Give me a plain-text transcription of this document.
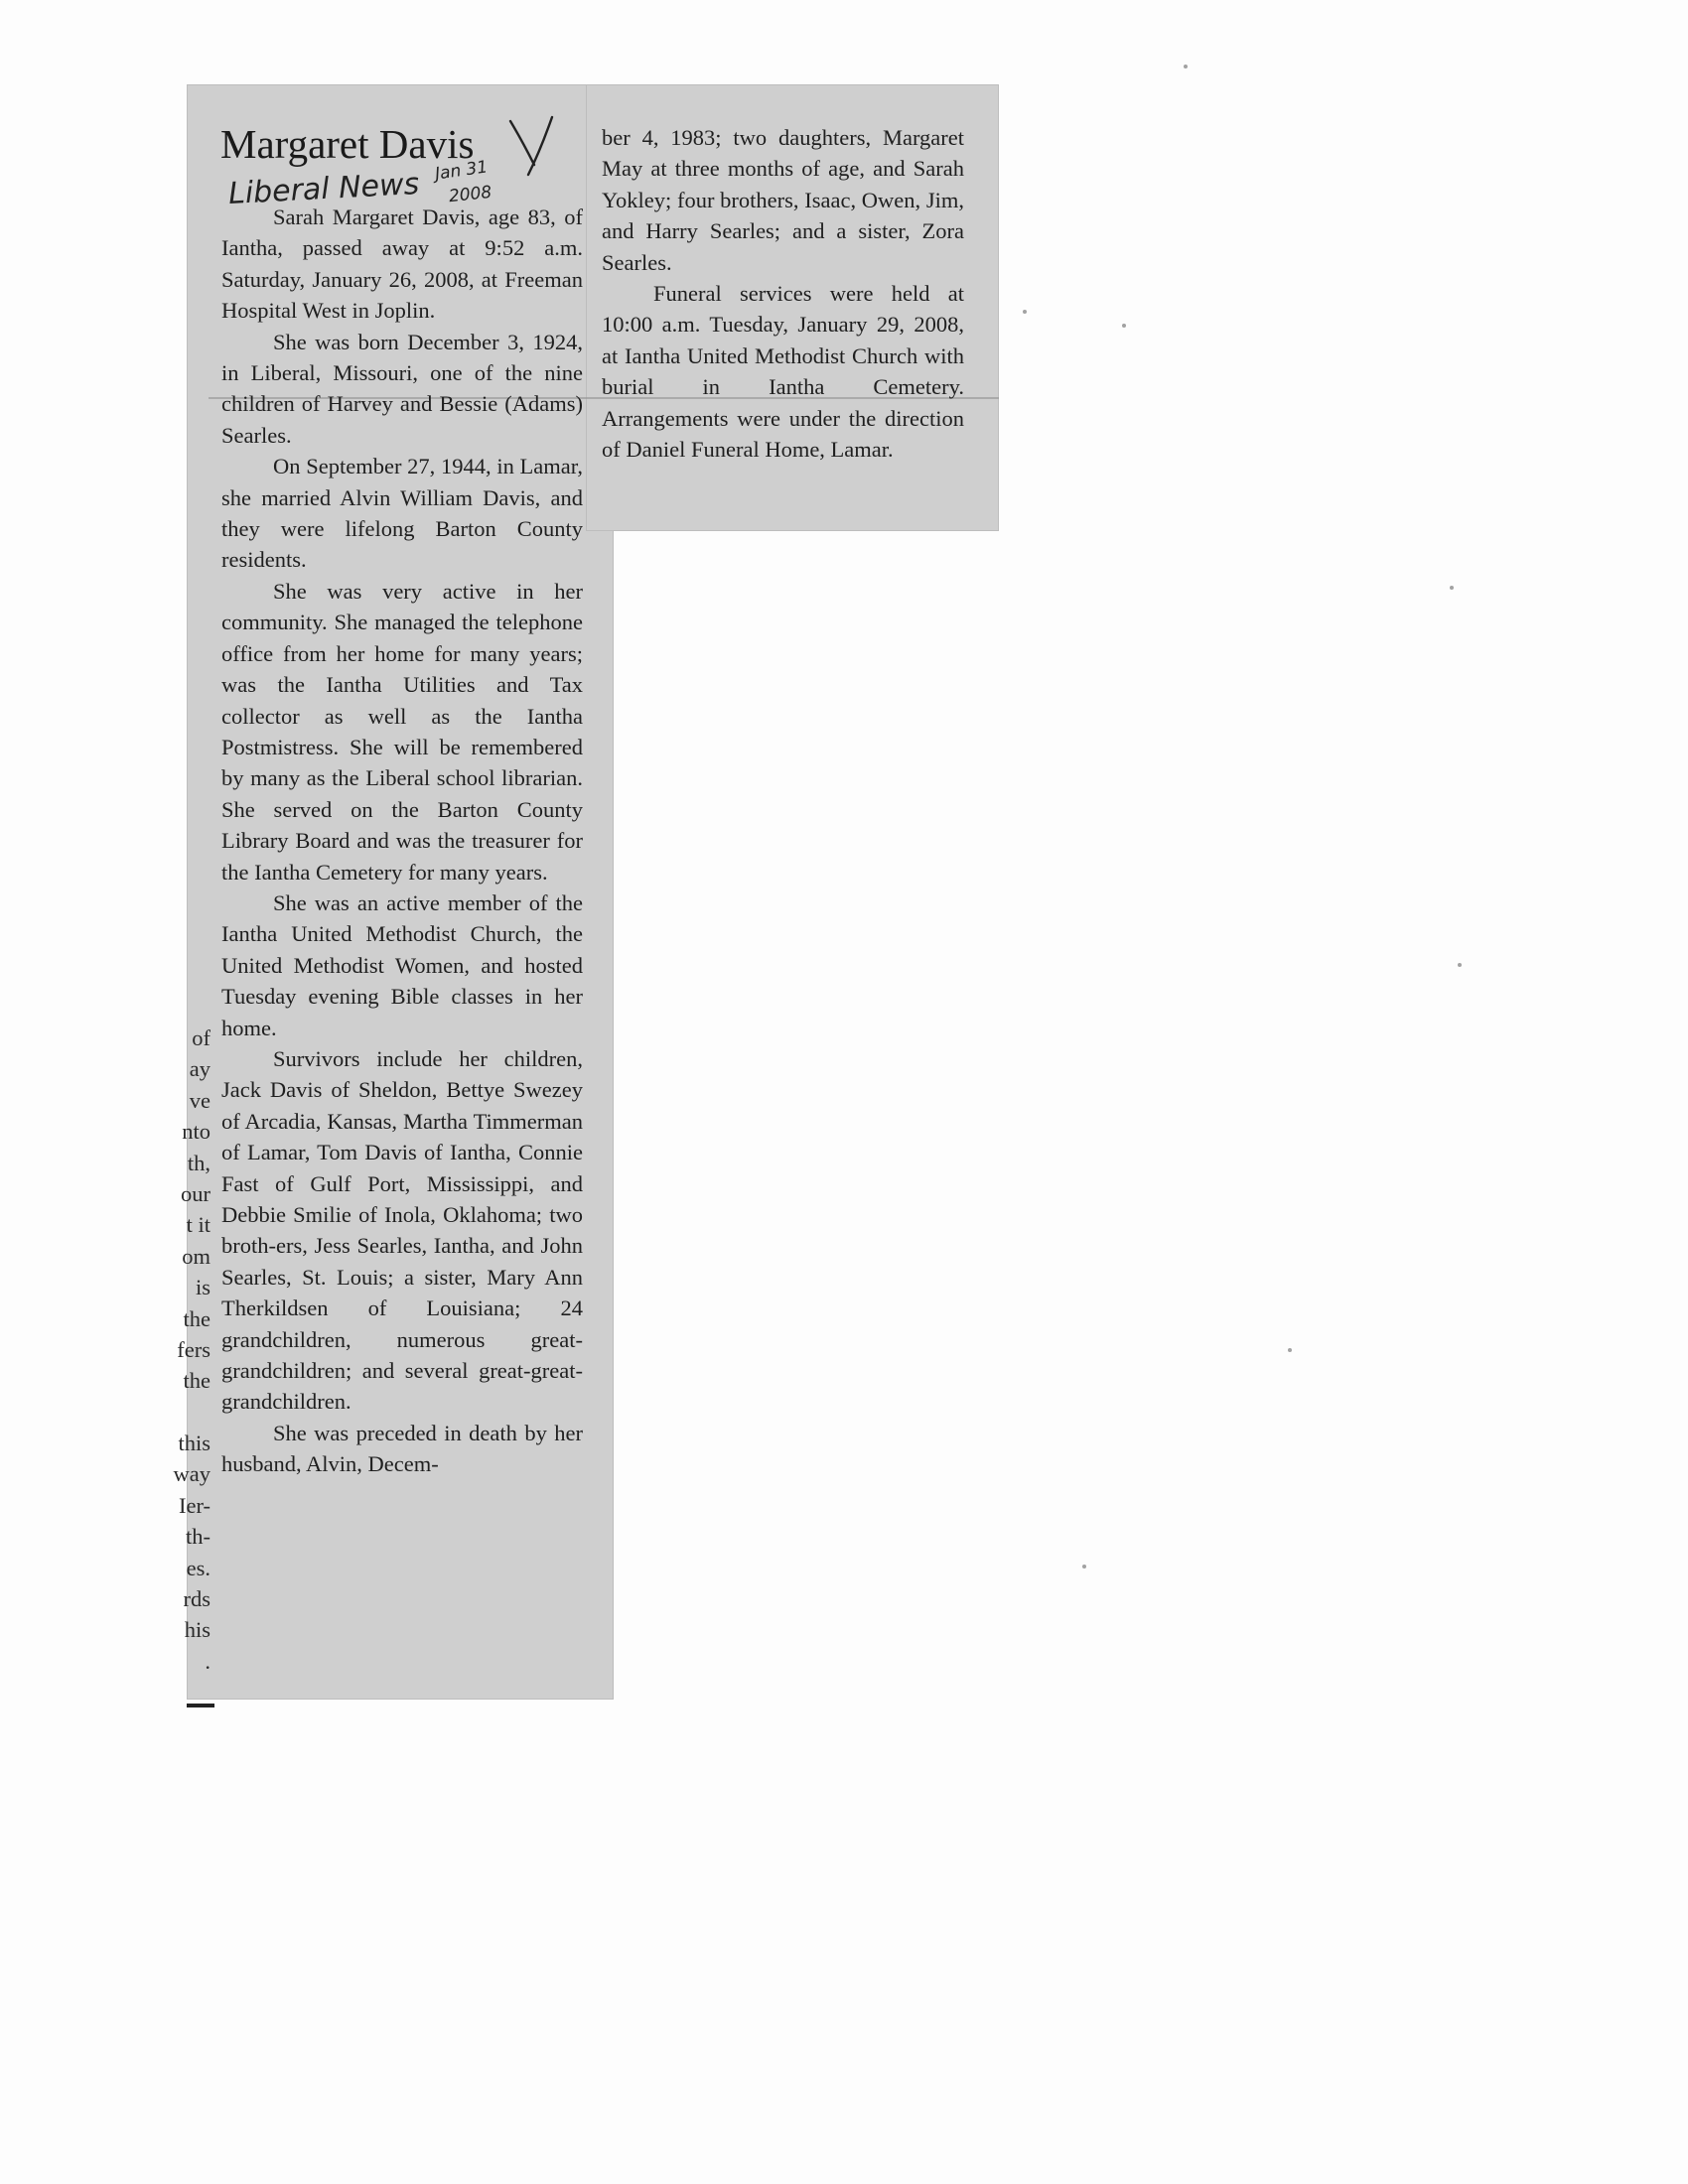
Margaret Davis
Liberal News Jan 31
2008

Sarah Margaret Davis, age 83, of Iantha, passed away at 9:52 a.m. Saturday, January 26, 2008, at Freeman Hospital West in Joplin.

She was born December 3, 1924, in Liberal, Missouri, one of the nine children of Harvey and Bessie (Adams) Searles.

On September 27, 1944, in Lamar, she married Alvin William Davis, and they were lifelong Barton County residents.

She was very active in her community. She managed the telephone office from her home for many years; was the Iantha Utilities and Tax collector as well as the Iantha Postmistress. She will be remembered by many as the Liberal school librarian. She served on the Barton County Library Board and was the treasurer for the Iantha Cemetery for many years.

She was an active member of the Iantha United Methodist Church, the United Methodist Women, and hosted Tuesday evening Bible classes in her home.

Survivors include her children, Jack Davis of Sheldon, Bettye Swezey of Arcadia, Kansas, Martha Timmerman of Lamar, Tom Davis of Iantha, Connie Fast of Gulf Port, Mississippi, and Debbie Smilie of Inola, Oklahoma; two broth-ers, Jess Searles, Iantha, and John Searles, St. Louis; a sister, Mary Ann Therkildsen of Louisiana; 24 grandchildren, numerous great-grandchildren; and several great-great-grandchildren.

She was preceded in death by her husband, Alvin, Decem-

ber 4, 1983; two daughters, Margaret May at three months of age, and Sarah Yokley; four brothers, Isaac, Owen, Jim, and Harry Searles; and a sister, Zora Searles.

Funeral services were held at 10:00 a.m. Tuesday, January 29, 2008, at Iantha United Methodist Church with burial in Iantha Cemetery. Arrangements were under the direction of Daniel Funeral Home, Lamar.

of
ay
ve
nto
th,
our
t it
om
is
the
fers
the
this
way
Ier-
th-
es.
rds
his
.
